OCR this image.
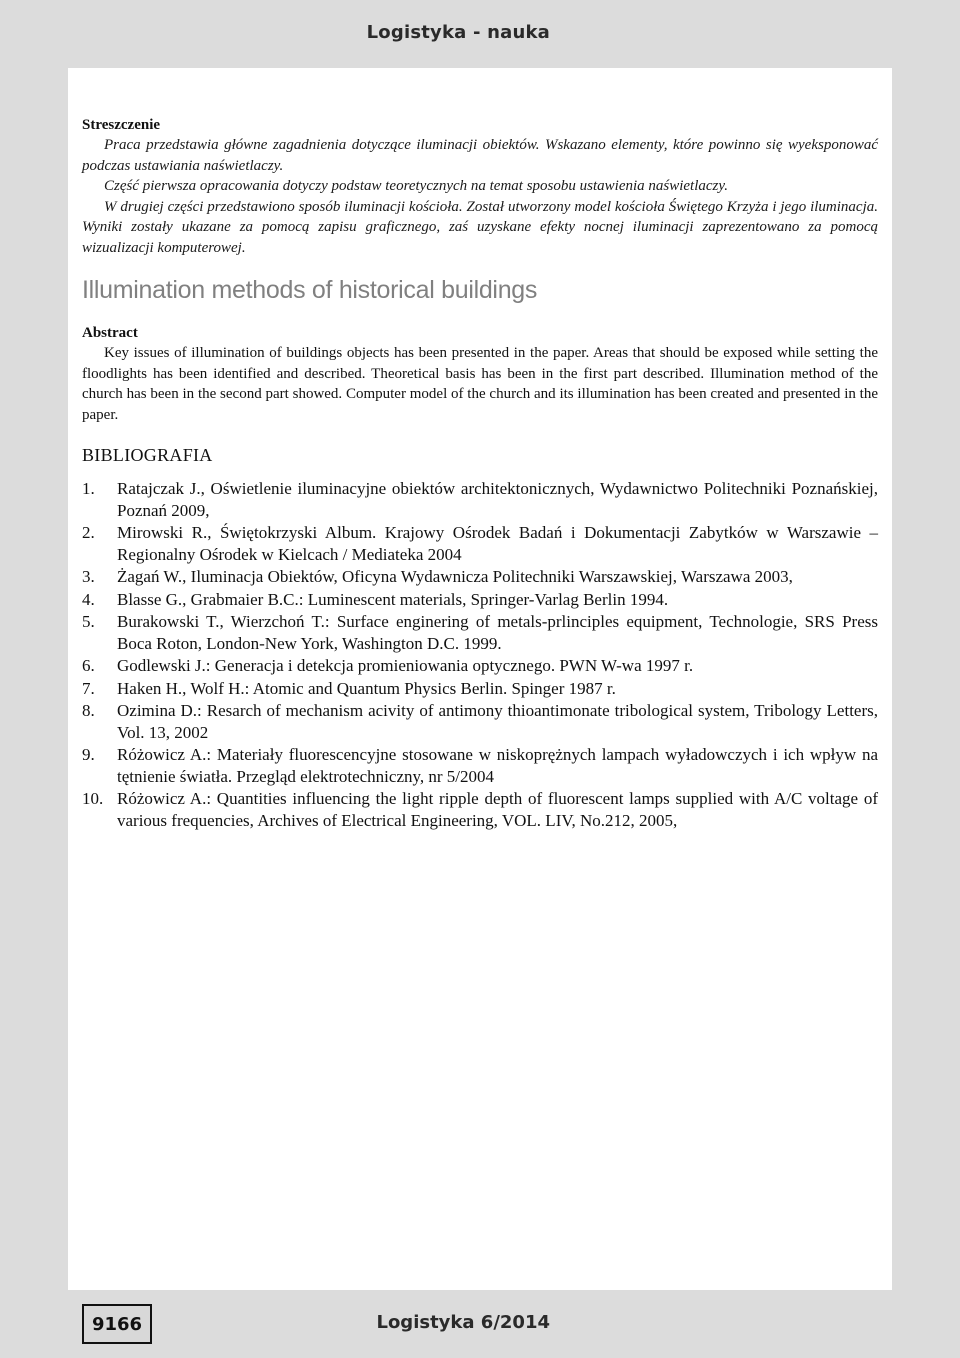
Logistyka - nauka
Streszczenie

Praca przedstawia główne zagadnienia dotyczące iluminacji obiektów. Wskazano elementy, które powinno się wyeksponować podczas ustawiania naświetlaczy.

Część pierwsza opracowania dotyczy podstaw teoretycznych na temat sposobu ustawienia naświetlaczy.

W drugiej części przedstawiono sposób iluminacji kościoła. Został utworzony model kościoła Świętego Krzyża i jego iluminacja. Wyniki zostały ukazane za pomocą zapisu graficznego, zaś uzyskane efekty nocnej iluminacji zaprezentowano za pomocą wizualizacji komputerowej.

Illumination methods of historical buildings
Abstract

Key issues of illumination of buildings objects has been presented in the paper. Areas that should be exposed while setting the floodlights has been identified and described. Theoretical basis has been in the first part described. Illumination method of the church has been in the second part showed. Computer model of the church and its illumination has been created and presented in the paper.

BIBLIOGRAFIA
1. Ratajczak J., Oświetlenie iluminacyjne obiektów architektonicznych, Wydawnictwo Politechniki Poznańskiej, Poznań 2009,
2. Mirowski R., Świętokrzyski Album. Krajowy Ośrodek Badań i Dokumentacji Zabytków w Warszawie – Regionalny Ośrodek w Kielcach / Mediateka 2004
3. Żagań W., Iluminacja Obiektów, Oficyna Wydawnicza Politechniki Warszawskiej, Warszawa 2003,
4. Blasse G., Grabmaier B.C.: Luminescent materials, Springer-Varlag Berlin 1994.
5. Burakowski T., Wierzchoń T.: Surface enginering of metals-prlinciples equipment, Technologie, SRS Press Boca Roton, London-New York, Washington D.C. 1999.
6. Godlewski J.: Generacja i detekcja promieniowania optycznego. PWN W-wa 1997 r.
7. Haken H., Wolf H.: Atomic and Quantum Physics Berlin. Spinger 1987 r.
8. Ozimina D.: Resarch of mechanism acivity of antimony thioantimonate tribological system, Tribology Letters, Vol. 13, 2002
9. Różowicz A.: Materiały fluorescencyjne stosowane w niskoprężnych lampach wyładowczych i ich wpływ na tętnienie światła. Przegląd elektrotechniczny, nr 5/2004
10. Różowicz A.: Quantities influencing the light ripple depth of fluorescent lamps supplied with A/C voltage of various frequencies, Archives of Electrical Engineering, VOL. LIV, No.212, 2005,
9166	Logistyka 6/2014
